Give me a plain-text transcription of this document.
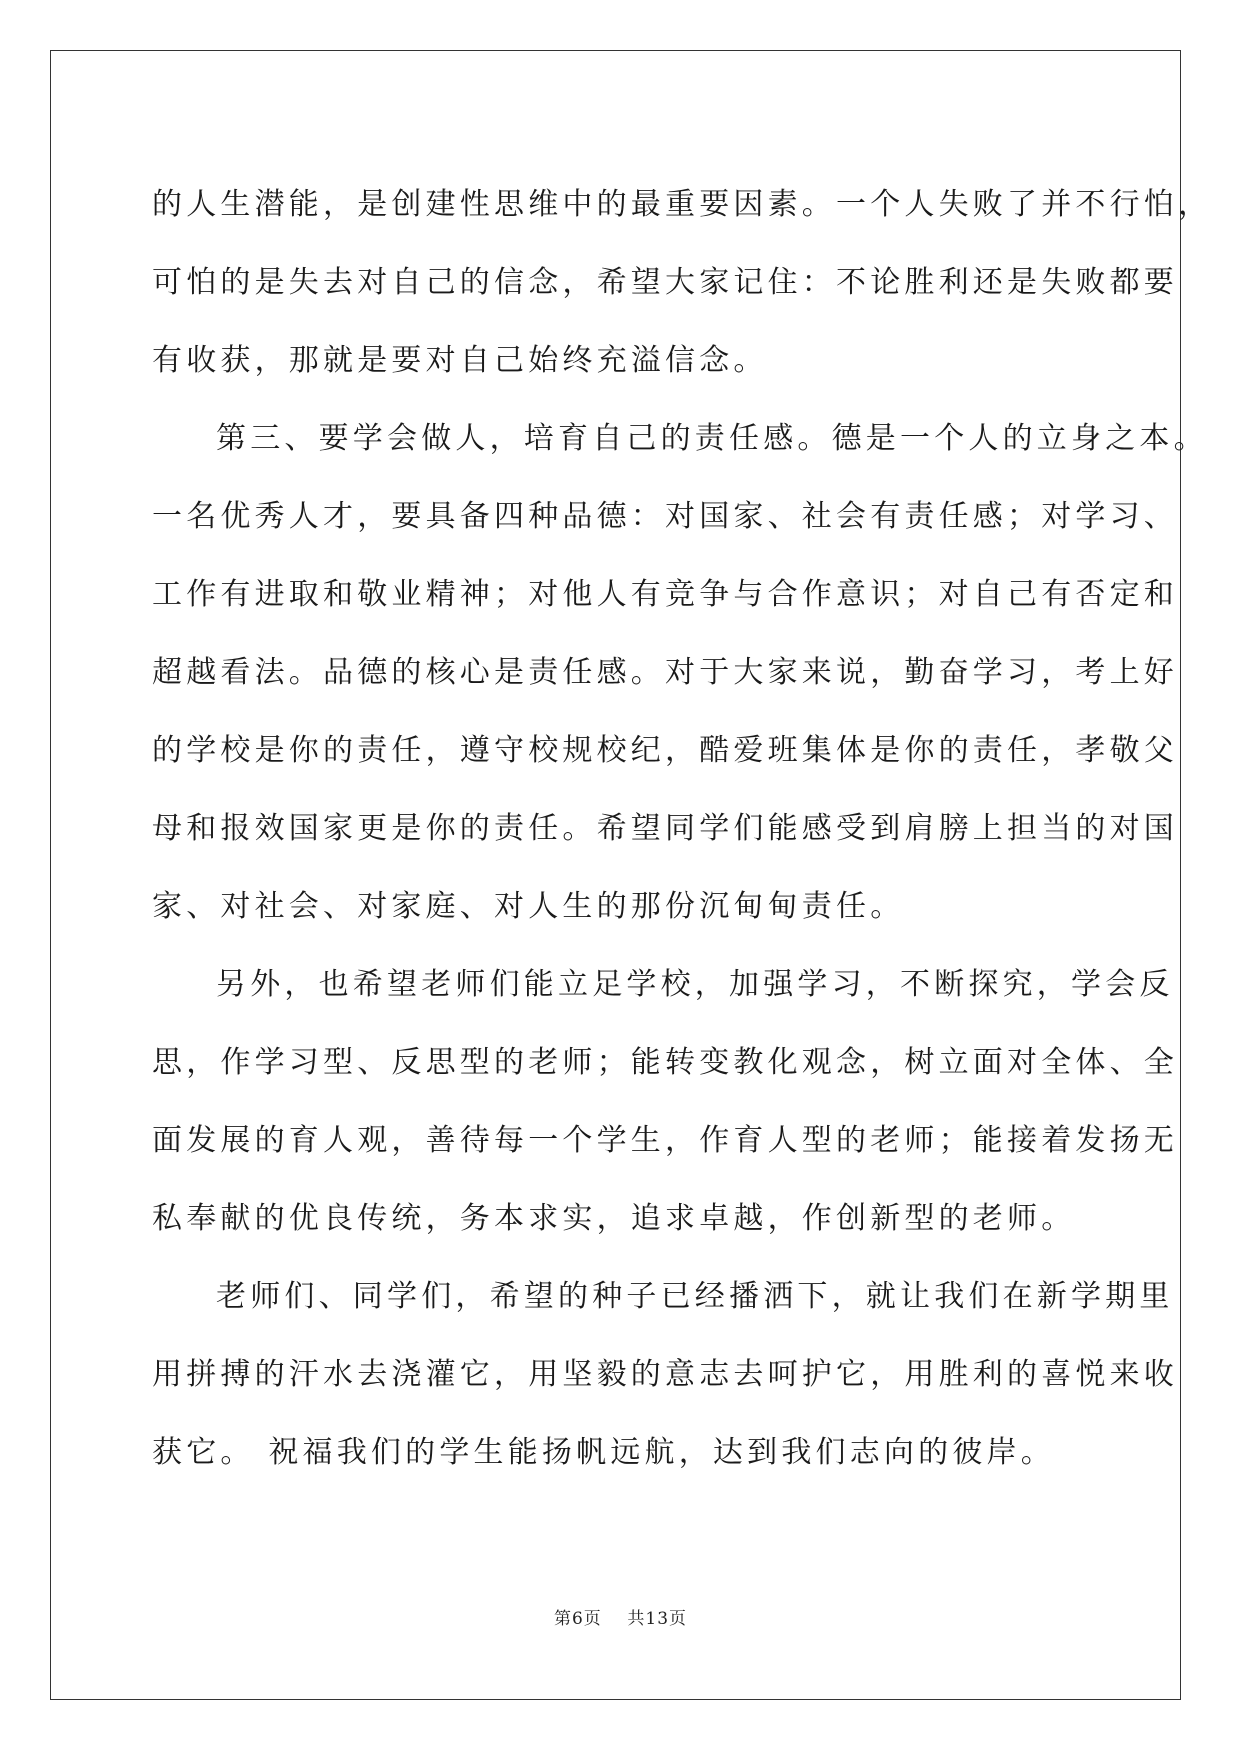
的人生潜能，是创建性思维中的最重要因素。一个人失败了并不行怕，
可怕的是失去对自己的信念，希望大家记住：不论胜利还是失败都要
有收获，那就是要对自己始终充溢信念。
第三、要学会做人，培育自己的责任感。德是一个人的立身之本。
一名优秀人才，要具备四种品德：对国家、社会有责任感；对学习、
工作有进取和敬业精神；对他人有竞争与合作意识；对自己有否定和
超越看法。品德的核心是责任感。对于大家来说，勤奋学习，考上好
的学校是你的责任，遵守校规校纪，酷爱班集体是你的责任，孝敬父
母和报效国家更是你的责任。希望同学们能感受到肩膀上担当的对国
家、对社会、对家庭、对人生的那份沉甸甸责任。
另外，也希望老师们能立足学校，加强学习，不断探究，学会反
思，作学习型、反思型的老师；能转变教化观念，树立面对全体、全
面发展的育人观，善待每一个学生，作育人型的老师；能接着发扬无
私奉献的优良传统，务本求实，追求卓越，作创新型的老师。
老师们、同学们，希望的种子已经播洒下，就让我们在新学期里
用拼搏的汗水去浇灌它，用坚毅的意志去呵护它，用胜利的喜悦来收
获它。 祝福我们的学生能扬帆远航，达到我们志向的彼岸。
第6页 共13页
